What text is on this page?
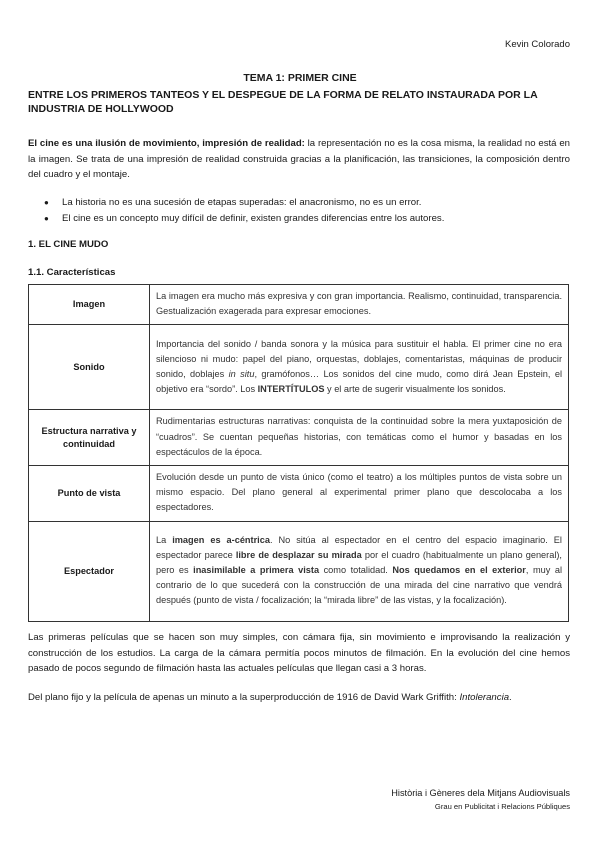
Kevin Colorado
TEMA 1: PRIMER CINE
ENTRE LOS PRIMEROS TANTEOS Y EL DESPEGUE DE LA FORMA DE RELATO INSTAURADA POR LA INDUSTRIA DE HOLLYWOOD
El cine es una ilusión de movimiento, impresión de realidad: la representación no es la cosa misma, la realidad no está en la imagen. Se trata de una impresión de realidad construida gracias a la planificación, las transiciones, la composición dentro del cuadro y el montaje.
● La historia no es una sucesión de etapas superadas: el anacronismo, no es un error.
● El cine es un concepto muy difícil de definir, existen grandes diferencias entre los autores.
1. EL CINE MUDO
1.1. Características
Imagen	La imagen era mucho más expresiva y con gran importancia. Realismo, continuidad, transparencia. Gestualización exagerada para expresar emociones.
Sonido	Importancia del sonido / banda sonora y la música para sustituir el habla. El primer cine no era silencioso ni mudo: papel del piano, orquestas, doblajes, comentaristas, máquinas de producir sonido, doblajes in situ, gramófonos… Los sonidos del cine mudo, como dirá Jean Epstein, el objetivo era “sordo”. Los INTERTÍTULOS y el arte de sugerir visualmente los sonidos.
Estructura narrativa y
continuidad	Rudimentarias estructuras narrativas: conquista de la continuidad sobre la mera yuxtaposición de “cuadros”. Se cuentan pequeñas historias, con temáticas como el humor y basadas en los espectáculos de la época.
Punto de vista	Evolución desde un punto de vista único (como el teatro) a los múltiples puntos de vista sobre un mismo espacio. Del plano general al experimental primer plano que descolocaba a los espectadores.
Espectador	La imagen es a-céntrica. No sitúa al espectador en el centro del espacio imaginario. El espectador parece libre de desplazar su mirada por el cuadro (habitualmente un plano general), pero es inasimilable a primera vista como totalidad. Nos quedamos en el exterior, muy al contrario de lo que sucederá con la construcción de una mirada del cine narrativo que vendrá después (punto de vista / focalización; la “mirada libre” de las vistas, y la focalización).
Las primeras películas que se hacen son muy simples, con cámara fija, sin movimiento e improvisando la realización y construcción de los estudios. La carga de la cámara permitía pocos minutos de filmación. En la evolución del cine hemos pasado de pocos segundo de filmación hasta las actuales películas que llegan casi a 3 horas.
Del plano fijo y la película de apenas un minuto a la superproducción de 1916 de David Wark Griffith: Intolerancia.
Història i Gèneres dela Mitjans Audiovisuals
Grau en Publicitat i Relacions Públiques
